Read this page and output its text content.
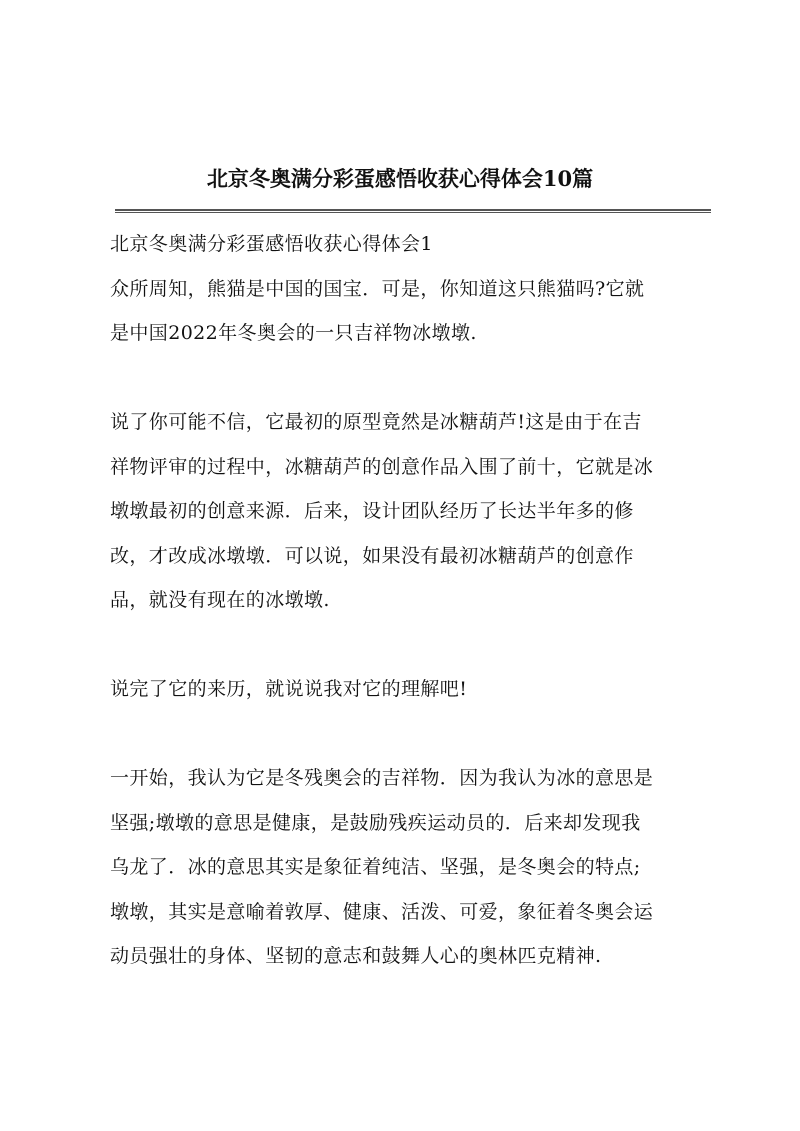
北京冬奥满分彩蛋感悟收获心得体会10篇

北京冬奥满分彩蛋感悟收获心得体会1

众所周知，熊猫是中国的国宝．可是，你知道这只熊猫吗?它就

是中国2022年冬奥会的一只吉祥物冰墩墩.

说了你可能不信，它最初的原型竟然是冰糖葫芦!这是由于在吉

祥物评审的过程中，冰糖葫芦的创意作品入围了前十，它就是冰

墩墩最初的创意来源．后来，设计团队经历了长达半年多的修

改，才改成冰墩墩．可以说，如果没有最初冰糖葫芦的创意作

品，就没有现在的冰墩墩.

说完了它的来历，就说说我对它的理解吧!

一开始，我认为它是冬残奥会的吉祥物．因为我认为冰的意思是

坚强;墩墩的意思是健康，是鼓励残疾运动员的．后来却发现我

乌龙了．冰的意思其实是象征着纯洁、坚强，是冬奥会的特点;

墩墩，其实是意喻着敦厚、健康、活泼、可爱，象征着冬奥会运

动员强壮的身体、坚韧的意志和鼓舞人心的奥林匹克精神.
